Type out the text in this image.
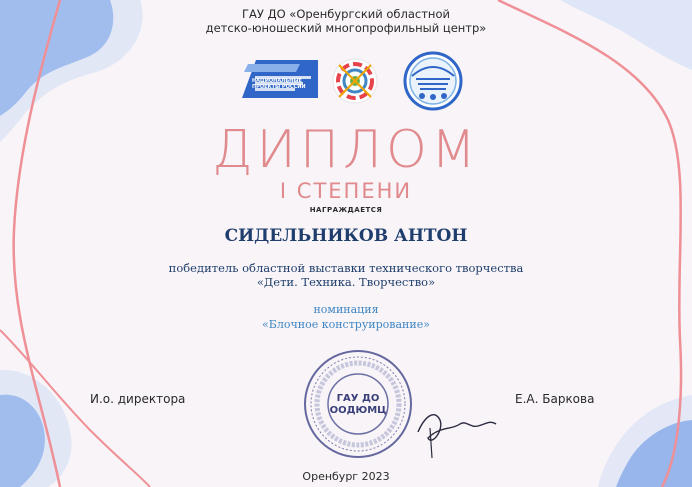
НАЦИОНАЛЬНЫЕ ПРОЕКТЫ РОССИИ
ГАУ ДО «Оренбургский областной
детско-юношеский многопрофильный центр»
ДИПЛОМ
I СТЕПЕНИ
НАГРАЖДАЕТСЯ
СИДЕЛЬНИКОВ АНТОН
победитель областной выставки технического творчества
«Дети. Техника. Творчество»
номинация
«Блочное конструирование»
И.о. директора	Е.А. Баркова
ГАУ ДО
ООДЮМЦ
Оренбург 2023
